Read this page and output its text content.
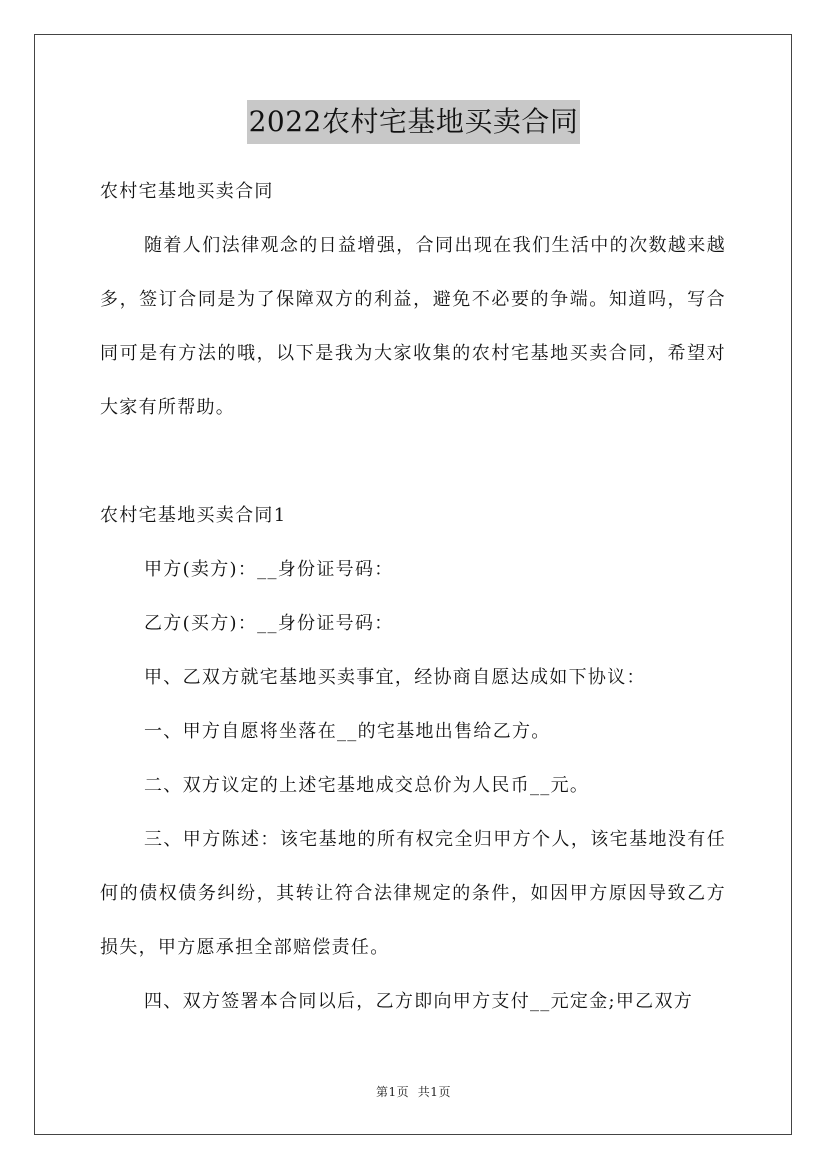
2022农村宅基地买卖合同

农村宅基地买卖合同

随着人们法律观念的日益增强，合同出现在我们生活中的次数越来越多，签订合同是为了保障双方的利益，避免不必要的争端。知道吗，写合同可是有方法的哦，以下是我为大家收集的农村宅基地买卖合同，希望对大家有所帮助。

农村宅基地买卖合同1

甲方(卖方)：__身份证号码：

乙方(买方)：__身份证号码：

甲、乙双方就宅基地买卖事宜，经协商自愿达成如下协议：

一、甲方自愿将坐落在__的宅基地出售给乙方。

二、双方议定的上述宅基地成交总价为人民币__元。

三、甲方陈述：该宅基地的所有权完全归甲方个人，该宅基地没有任何的债权债务纠纷，其转让符合法律规定的条件，如因甲方原因导致乙方损失，甲方愿承担全部赔偿责任。

四、双方签署本合同以后，乙方即向甲方支付__元定金;甲乙双方

第1页  共1页
